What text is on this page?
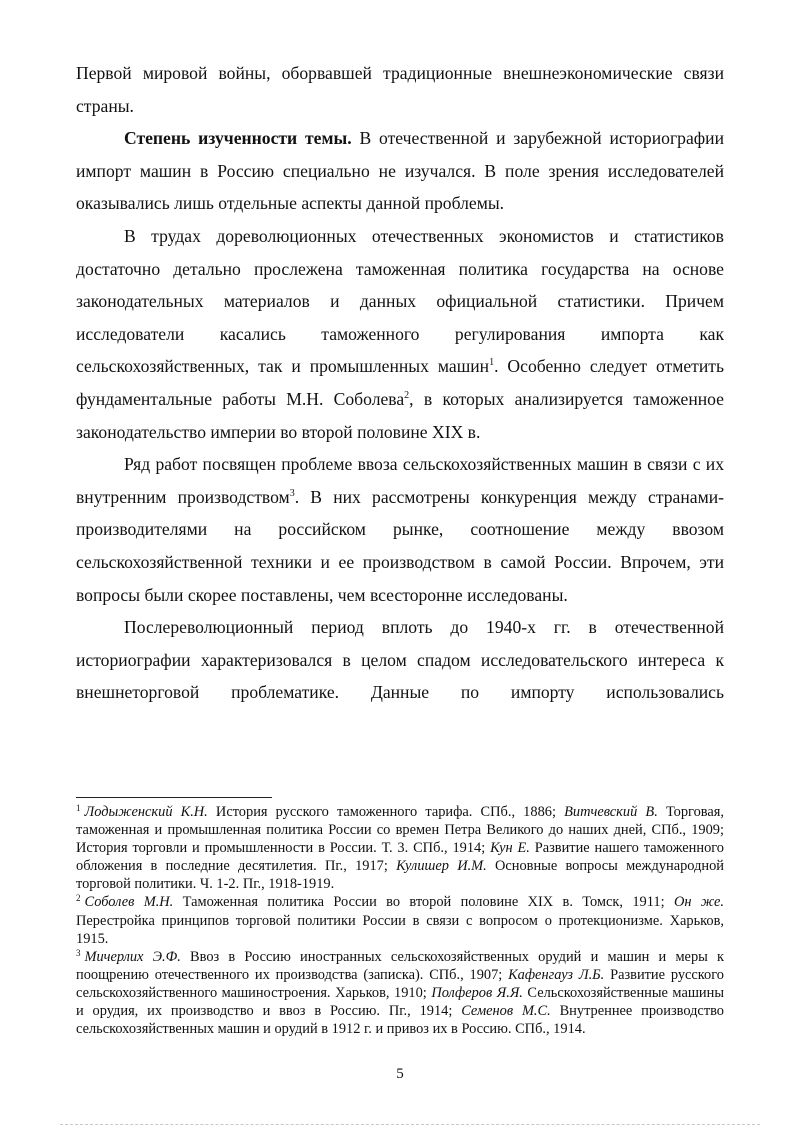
Первой мировой войны, оборвавшей традиционные внешнеэкономические связи страны.

Степень изученности темы. В отечественной и зарубежной историографии импорт машин в Россию специально не изучался. В поле зрения исследователей оказывались лишь отдельные аспекты данной проблемы.

В трудах дореволюционных отечественных экономистов и статистиков достаточно детально прослежена таможенная политика государства на основе законодательных материалов и данных официальной статистики. Причем исследователи касались таможенного регулирования импорта как сельскохозяйственных, так и промышленных машин$^1$. Особенно следует отметить фундаментальные работы М.Н. Соболева$^2$, в которых анализируется таможенное законодательство империи во второй половине XIX в.

Ряд работ посвящен проблеме ввоза сельскохозяйственных машин в связи с их внутренним производством$^3$. В них рассмотрены конкуренция между странами-производителями на российском рынке, соотношение между ввозом сельскохозяйственной техники и ее производством в самой России. Впрочем, эти вопросы были скорее поставлены, чем всесторонне исследованы.

Послереволюционный период вплоть до 1940-х гг. в отечественной историографии характеризовался в целом спадом исследовательского интереса к внешнеторговой проблематике. Данные по импорту использовались

$^1$ Лодыженский К.Н. История русского таможенного тарифа. СПб., 1886; Витчевский В. Торговая, таможенная и промышленная политика России со времен Петра Великого до наших дней, СПб., 1909; История торговли и промышленности в России. Т. 3. СПб., 1914; Кун Е. Развитие нашего таможенного обложения в последние десятилетия. Пг., 1917; Кулишер И.М. Основные вопросы международной торговой политики. Ч. 1-2. Пг., 1918-1919.

$^2$ Соболев М.Н. Таможенная политика России во второй половине XIX в. Томск, 1911; Он же. Перестройка принципов торговой политики России в связи с вопросом о протекционизме. Харьков, 1915.

$^3$ Мичерлих Э.Ф. Ввоз в Россию иностранных сельскохозяйственных орудий и машин и меры к поощрению отечественного их производства (записка). СПб., 1907; Кафенгауз Л.Б. Развитие русского сельскохозяйственного машиностроения. Харьков, 1910; Полферов Я.Я. Сельскохозяйственные машины и орудия, их производство и ввоз в Россию. Пг., 1914; Семенов М.С. Внутреннее производство сельскохозяйственных машин и орудий в 1912 г. и привоз их в Россию. СПб., 1914.

5
